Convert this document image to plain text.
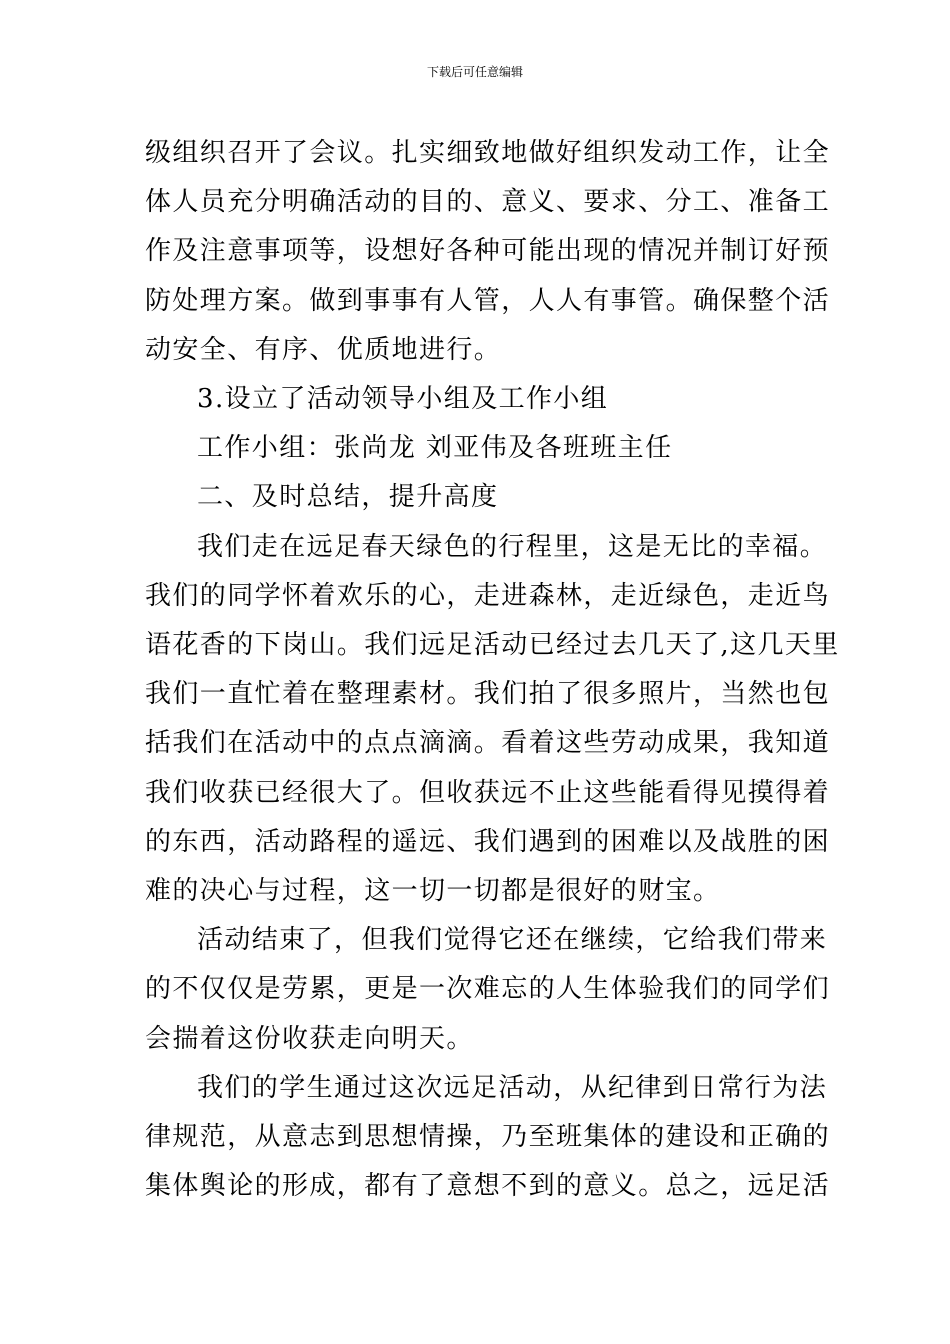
下载后可任意编辑

级组织召开了会议。扎实细致地做好组织发动工作，让全

体人员充分明确活动的目的、意义、要求、分工、准备工

作及注意事项等，设想好各种可能出现的情况并制订好预

防处理方案。做到事事有人管，人人有事管。确保整个活

动安全、有序、优质地进行。

3.设立了活动领导小组及工作小组

工作小组：张尚龙 刘亚伟及各班班主任

二、及时总结，提升高度

我们走在远足春天绿色的行程里，这是无比的幸福。

我们的同学怀着欢乐的心，走进森林，走近绿色，走近鸟

语花香的下岗山。我们远足活动已经过去几天了,这几天里

我们一直忙着在整理素材。我们拍了很多照片，当然也包

括我们在活动中的点点滴滴。看着这些劳动成果，我知道

我们收获已经很大了。但收获远不止这些能看得见摸得着

的东西，活动路程的遥远、我们遇到的困难以及战胜的困

难的决心与过程，这一切一切都是很好的财宝。

活动结束了，但我们觉得它还在继续，它给我们带来

的不仅仅是劳累，更是一次难忘的人生体验我们的同学们

会揣着这份收获走向明天。

我们的学生通过这次远足活动，从纪律到日常行为法

律规范，从意志到思想情操，乃至班集体的建设和正确的

集体舆论的形成，都有了意想不到的意义。总之，远足活
